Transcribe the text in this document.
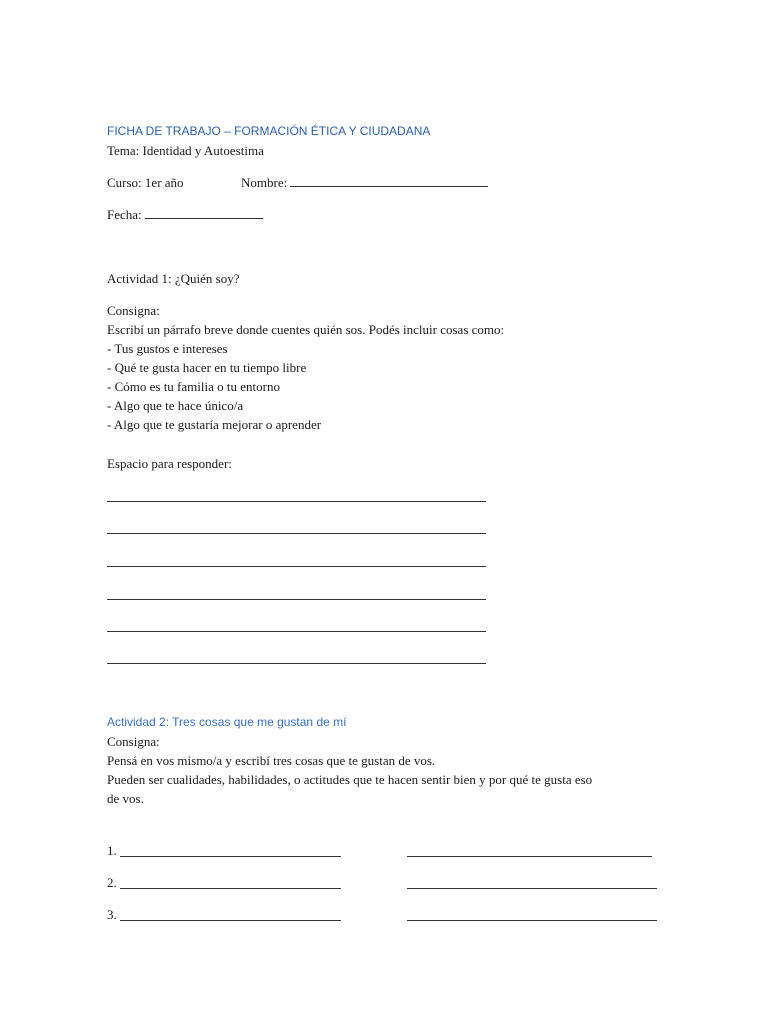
FICHA DE TRABAJO – FORMACIÓN ÉTICA Y CIUDADANA
Tema: Identidad y Autoestima
Curso: 1er año	Nombre:
Fecha:
Actividad 1: ¿Quién soy?
Consigna:
Escribí un párrafo breve donde cuentes quién sos. Podés incluir cosas como:
- Tus gustos e intereses
- Qué te gusta hacer en tu tiempo libre
- Cómo es tu familia o tu entorno
- Algo que te hace único/a
- Algo que te gustaría mejorar o aprender
Espacio para responder:
Actividad 2: Tres cosas que me gustan de mí
Consigna:
Pensá en vos mismo/a y escribí tres cosas que te gustan de vos.
Pueden ser cualidades, habilidades, o actitudes que te hacen sentir bien y por qué te gusta eso
de vos.
1.
2.
3.
